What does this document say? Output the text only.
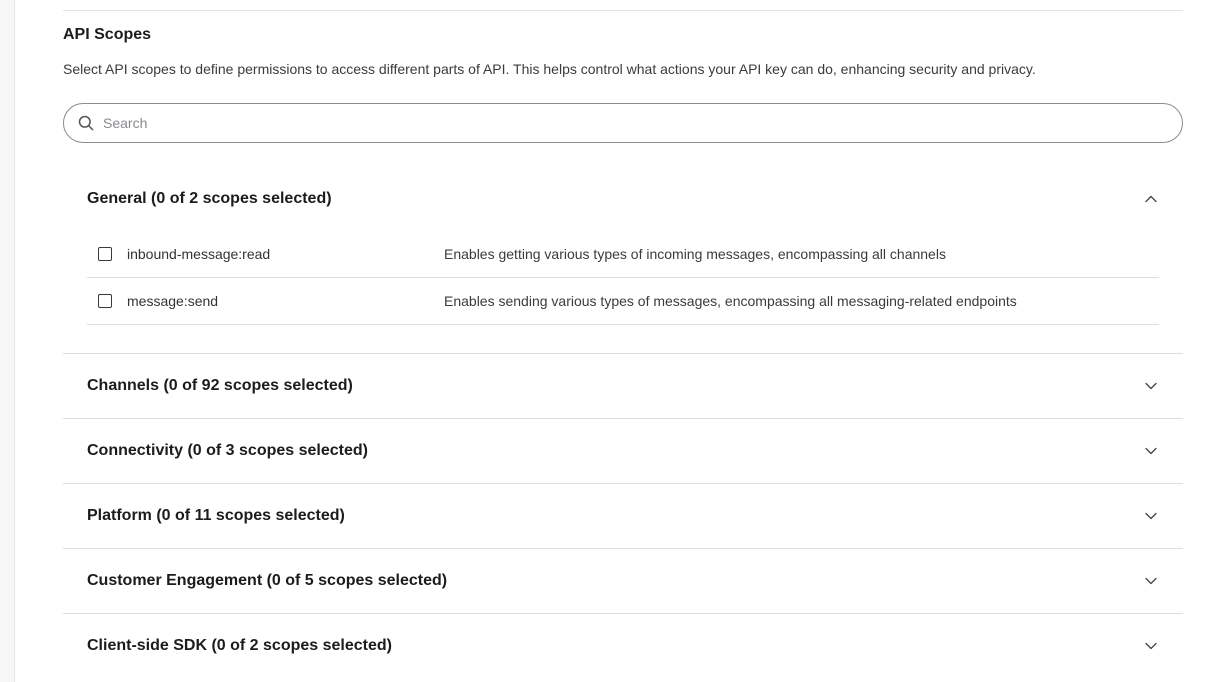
API Scopes
Select API scopes to define permissions to access different parts of API. This helps control what actions your API key can do, enhancing security and privacy.
Search
General (0 of 2 scopes selected)
inbound-message:read	Enables getting various types of incoming messages, encompassing all channels
message:send	Enables sending various types of messages, encompassing all messaging-related endpoints
Channels (0 of 92 scopes selected)
Connectivity (0 of 3 scopes selected)
Platform (0 of 11 scopes selected)
Customer Engagement (0 of 5 scopes selected)
Client-side SDK (0 of 2 scopes selected)
